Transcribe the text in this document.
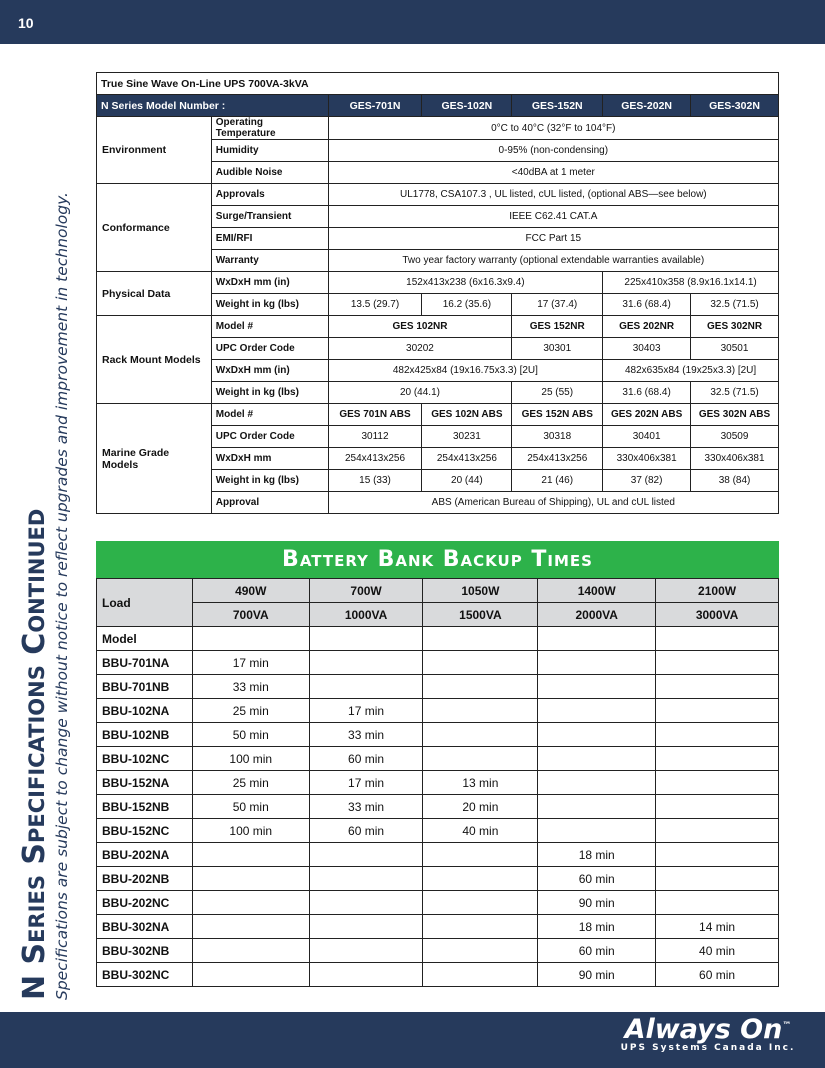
10
N Series Specifications Continued Specifications are subject to change without notice to reflect upgrades and improvement in technology.
True Sine Wave On-Line UPS 700VA-3kVA						
N Series Model Number :		GES-701N	GES-102N	GES-152N	GES-202N	GES-302N
Environment	Operating Temperature	0°C to 40°C (32°F to 104°F)				
	Humidity	0-95% (non-condensing)				
	Audible Noise	<40dBA at 1 meter				
Conformance	Approvals	UL1778, CSA107.3 , UL listed, cUL listed, (optional ABS—see below)				
	Surge/Transient	IEEE C62.41 CAT.A				
	EMI/RFI	FCC Part 15				
	Warranty	Two year factory warranty (optional extendable warranties available)				
Physical Data	WxDxH mm (in)	152x413x238 (6x16.3x9.4)			225x410x358 (8.9x16.1x14.1)	
	Weight in kg (lbs)	13.5 (29.7)	16.2 (35.6)	17 (37.4)	31.6 (68.4)	32.5 (71.5)
Rack Mount Models	Model #	GES 102NR		GES 152NR	GES 202NR	GES 302NR
	UPC Order Code	30202		30301	30403	30501
	WxDxH mm (in)	482x425x84 (19x16.75x3.3) [2U]			482x635x84 (19x25x3.3) [2U]	
	Weight in kg (lbs)	20 (44.1)		25 (55)	31.6 (68.4)	32.5 (71.5)
Marine Grade Models	Model #	GES 701N ABS	GES 102N ABS	GES 152N ABS	GES 202N ABS	GES 302N ABS
	UPC Order Code	30112	30231	30318	30401	30509
	WxDxH mm	254x413x256	254x413x256	254x413x256	330x406x381	330x406x381
	Weight in kg (lbs)	15 (33)	20 (44)	21 (46)	37 (82)	38 (84)
	Approval	ABS (American Bureau of Shipping), UL and cUL listed				
Battery Bank Backup Times
Load	490W	700W	1050W	1400W	2100W
	700VA	1000VA	1500VA	2000VA	3000VA
Model					
BBU-701NA	17 min				
BBU-701NB	33 min				
BBU-102NA	25 min	17 min			
BBU-102NB	50 min	33 min			
BBU-102NC	100 min	60 min			
BBU-152NA	25 min	17 min	13 min		
BBU-152NB	50 min	33 min	20 min		
BBU-152NC	100 min	60 min	40 min		
BBU-202NA				18 min	
BBU-202NB				60 min	
BBU-202NC				90 min	
BBU-302NA				18 min	14 min
BBU-302NB				60 min	40 min
BBU-302NC				90 min	60 min
Always On™
UPS Systems Canada Inc.
